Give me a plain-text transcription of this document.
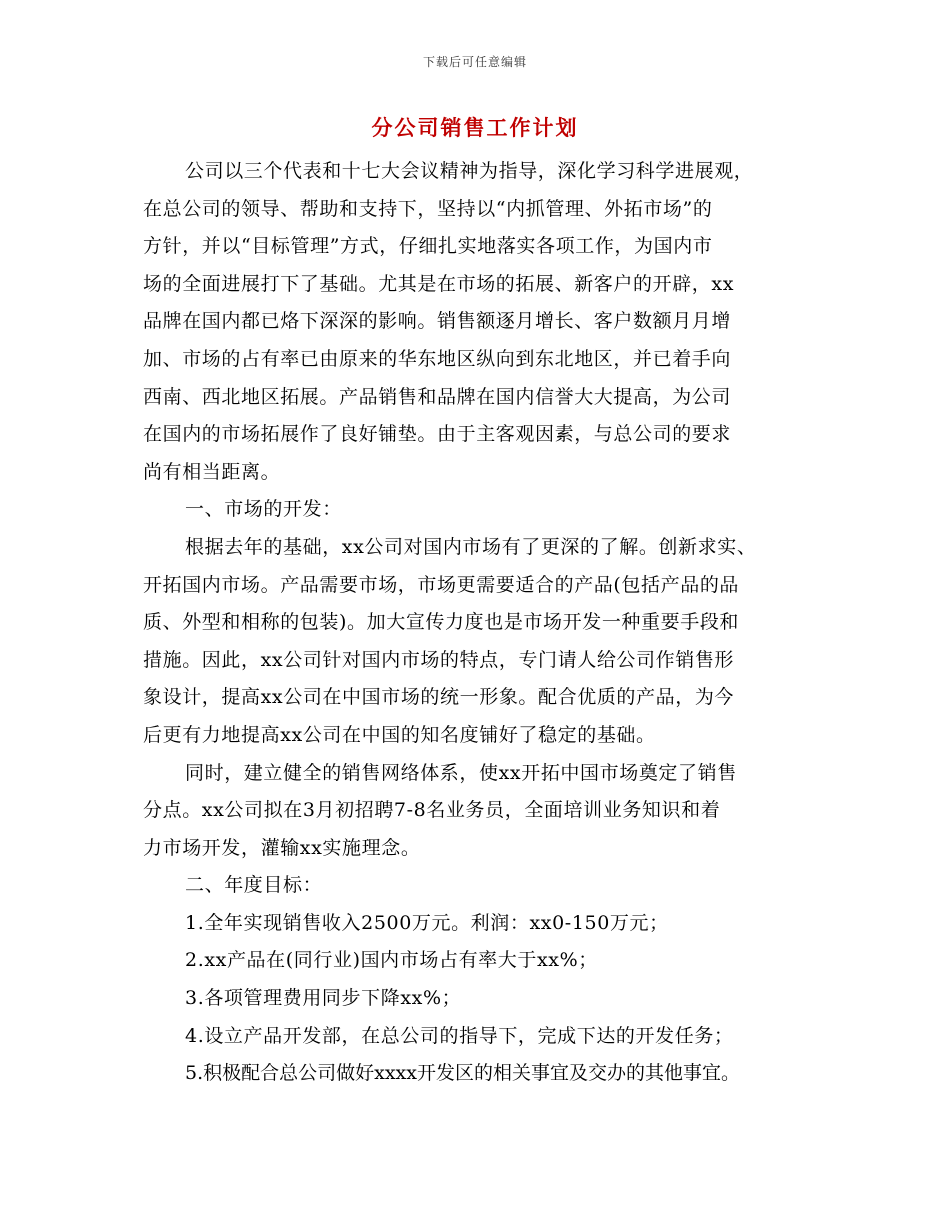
下载后可任意编辑
分公司销售工作计划
公司以三个代表和十七大会议精神为指导，深化学习科学进展观，
在总公司的领导、帮助和支持下，坚持以“内抓管理、外拓市场”的
方针，并以“目标管理”方式，仔细扎实地落实各项工作，为国内市
场的全面进展打下了基础。尤其是在市场的拓展、新客户的开辟，xx
品牌在国内都已烙下深深的影响。销售额逐月增长、客户数额月月增
加、市场的占有率已由原来的华东地区纵向到东北地区，并已着手向
西南、西北地区拓展。产品销售和品牌在国内信誉大大提高，为公司
在国内的市场拓展作了良好铺垫。由于主客观因素，与总公司的要求
尚有相当距离。
一、市场的开发：
根据去年的基础，xx公司对国内市场有了更深的了解。创新求实、
开拓国内市场。产品需要市场，市场更需要适合的产品(包括产品的品
质、外型和相称的包装)。加大宣传力度也是市场开发一种重要手段和
措施。因此，xx公司针对国内市场的特点，专门请人给公司作销售形
象设计，提高xx公司在中国市场的统一形象。配合优质的产品，为今
后更有力地提高xx公司在中国的知名度铺好了稳定的基础。
同时，建立健全的销售网络体系，使xx开拓中国市场奠定了销售
分点。xx公司拟在3月初招聘7-8名业务员，全面培训业务知识和着
力市场开发，灌输xx实施理念。
二、年度目标：
1.全年实现销售收入2500万元。利润：xx0-150万元；
2.xx产品在(同行业)国内市场占有率大于xx%；
3.各项管理费用同步下降xx%；
4.设立产品开发部，在总公司的指导下，完成下达的开发任务；
5.积极配合总公司做好xxxx开发区的相关事宜及交办的其他事宜。
